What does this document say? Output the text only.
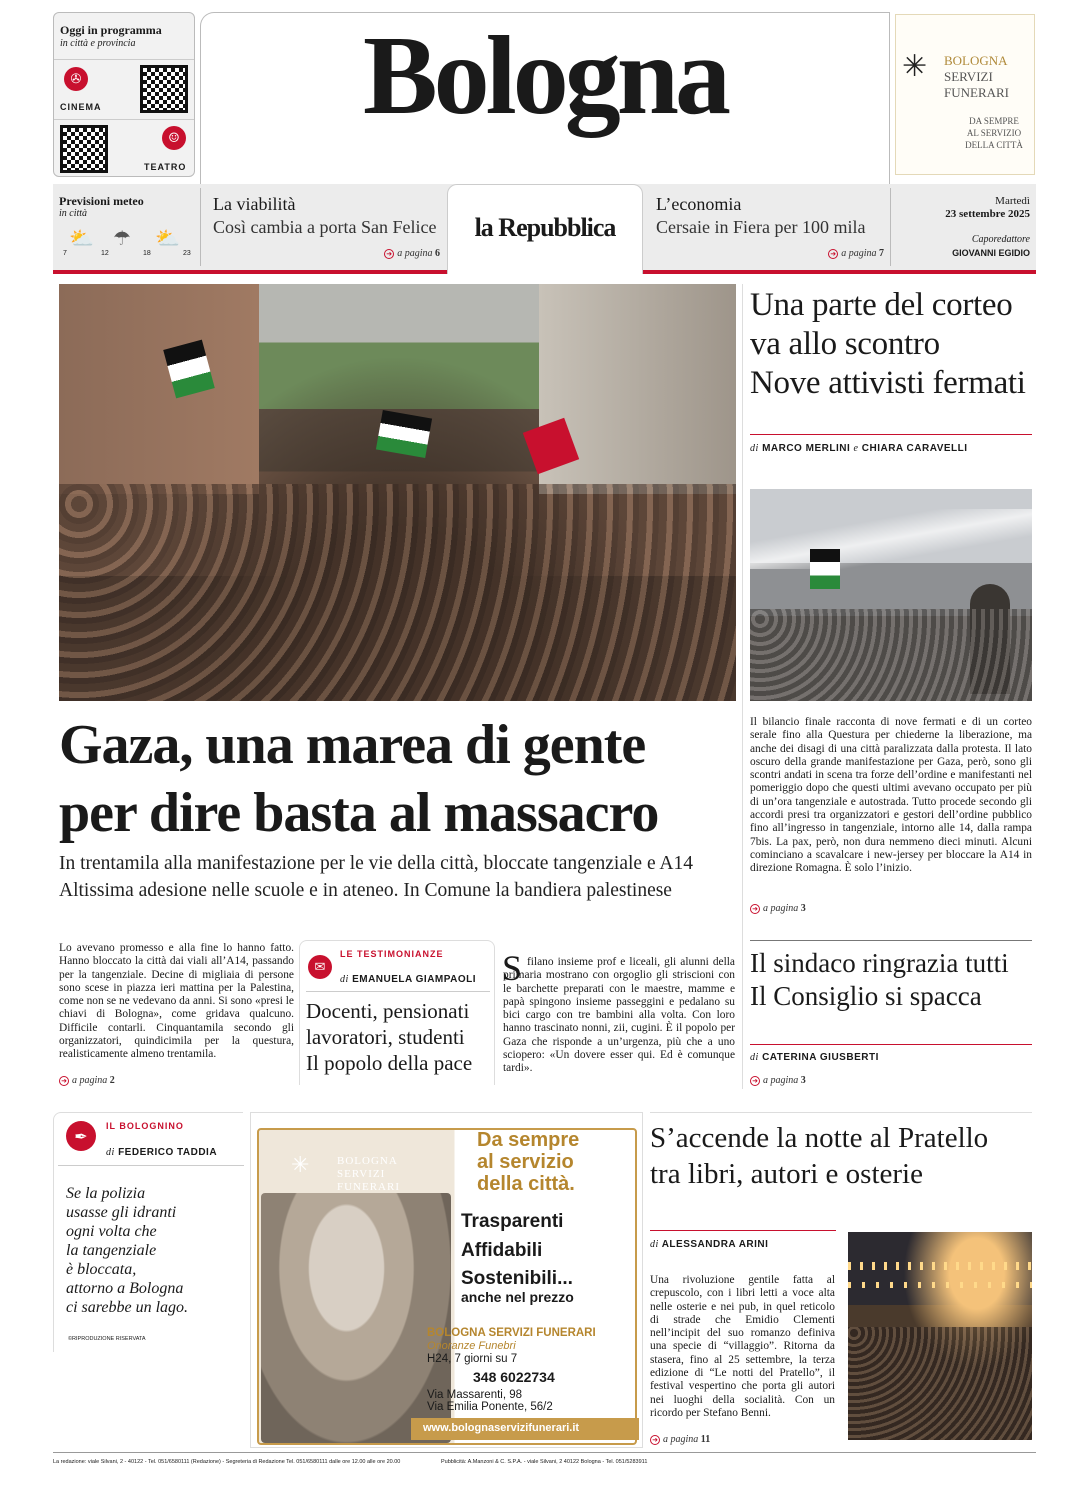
Oggi in programma
in città e provincia
✇
CINEMA
☺
TEATRO
Bologna	✳ BOLOGNA
SERVIZI
FUNERARI
DA SEMPRE
AL SERVIZIO
DELLA CITTÀ
Previsioni meteo
in città
⛅ ☂ ⛅
7	12	18	23
La viabilità
Così cambia a porta San Felice
➜ a pagina 6
la Repubblica
L’economia
Cersaie in Fiera per 100 mila
➜ a pagina 7
Martedì
23 settembre 2025
Caporedattore
GIOVANNI EGIDIO
Gaza, una marea di gente
per dire basta al massacro
In trentamila alla manifestazione per le vie della città, bloccate tangenziale e A14
Altissima adesione nelle scuole e in ateneo. In Comune la bandiera palestinese
Lo avevano promesso e alla fine lo hanno fatto. Hanno bloccato la città dai viali all’A14, passando per la tangenziale. Decine di migliaia di persone sono scese in piazza ieri mattina per la Palestina, come non se ne vedevano da anni. Si sono «presi le chiavi di Bologna», come gridava qualcuno. Difficile contarli. Cinquantamila secondo gli organizzatori, quindicimila per la questura, realisticamente almeno trentamila.
➜ a pagina 2
✉
LE TESTIMONIANZE
di EMANUELA GIAMPAOLI
Docenti, pensionati
lavoratori, studenti
Il popolo della pace
S filano insieme prof e liceali, gli alunni della primaria mostrano con orgoglio gli striscioni con le barchette preparati con le maestre, mamme e papà spingono insieme passeggini e pedalano su bici cargo con tre bambini alla volta. Con loro hanno trascinato nonni, zii, cugini. È il popolo per Gaza che risponde a un’urgenza, più che a uno sciopero: «Un dovere esser qui. Ed è comunque tardi».
Una parte del corteo
va allo scontro
Nove attivisti fermati
di MARCO MERLINI e CHIARA CARAVELLI
Il bilancio finale racconta di nove fermati e di un corteo serale fino alla Questura per chiederne la liberazione, ma anche dei disagi di una città paralizzata dalla protesta. Il lato oscuro della grande manifestazione per Gaza, però, sono gli scontri andati in scena tra forze dell’ordine e manifestanti nel pomeriggio dopo che questi ultimi avevano occupato per più di un’ora tangenziale e autostrada. Tutto procede secondo gli accordi presi tra organizzatori e gestori dell’ordine pubblico fino all’ingresso in tangenziale, intorno alle 14, dalla rampa 7bis. La pax, però, non dura nemmeno dieci minuti. Alcuni cominciano a scavalcare i new-jersey per bloccare la A14 in direzione Romagna. È solo l’inizio.
➜ a pagina 3
Il sindaco ringrazia tutti
Il Consiglio si spacca
di CATERINA GIUSBERTI
➜ a pagina 3
✒
IL BOLOGNINO
di FEDERICO TADDIA
Se la polizia
usasse gli idranti
ogni volta che
la tangenziale
è bloccata,
attorno a Bologna
ci sarebbe un lago.
©RIPRODUZIONE RISERVATA
✳	BOLOGNA
SERVIZI
FUNERARI
Da sempre
al servizio
della città.
Trasparenti
Affidabili
Sostenibili...
anche nel prezzo
BOLOGNA SERVIZI FUNERARI
Onoranze Funebri
H24, 7 giorni su 7
348 6022734
Via Massarenti, 98
Via Emilia Ponente, 56/2
www.bolognaservizifunerari.it
S’accende la notte al Pratello
tra libri, autori e osterie
di ALESSANDRA ARINI
Una rivoluzione gentile fatta al crepuscolo, con i libri letti a voce alta nelle osterie e nei pub, in quel reticolo di strade che Emidio Clementi nell’incipit del suo romanzo definiva una specie di “villaggio”. Ritorna da stasera, fino al 25 settembre, la terza edizione di “Le notti del Pratello”, il festival vespertino che porta gli autori nei luoghi della socialità. Con un ricordo per Stefano Benni.
➜ a pagina 11
La redazione: viale Silvani, 2 - 40122 - Tel. 051/6580111 (Redazione) - Segreteria di Redazione Tel. 051/6580111 dalle ore 12.00 alle ore 20.00	Pubblicità: A.Manzoni & C. S.P.A. - viale Silvani, 2 40122 Bologna - Tel. 051/5283911
